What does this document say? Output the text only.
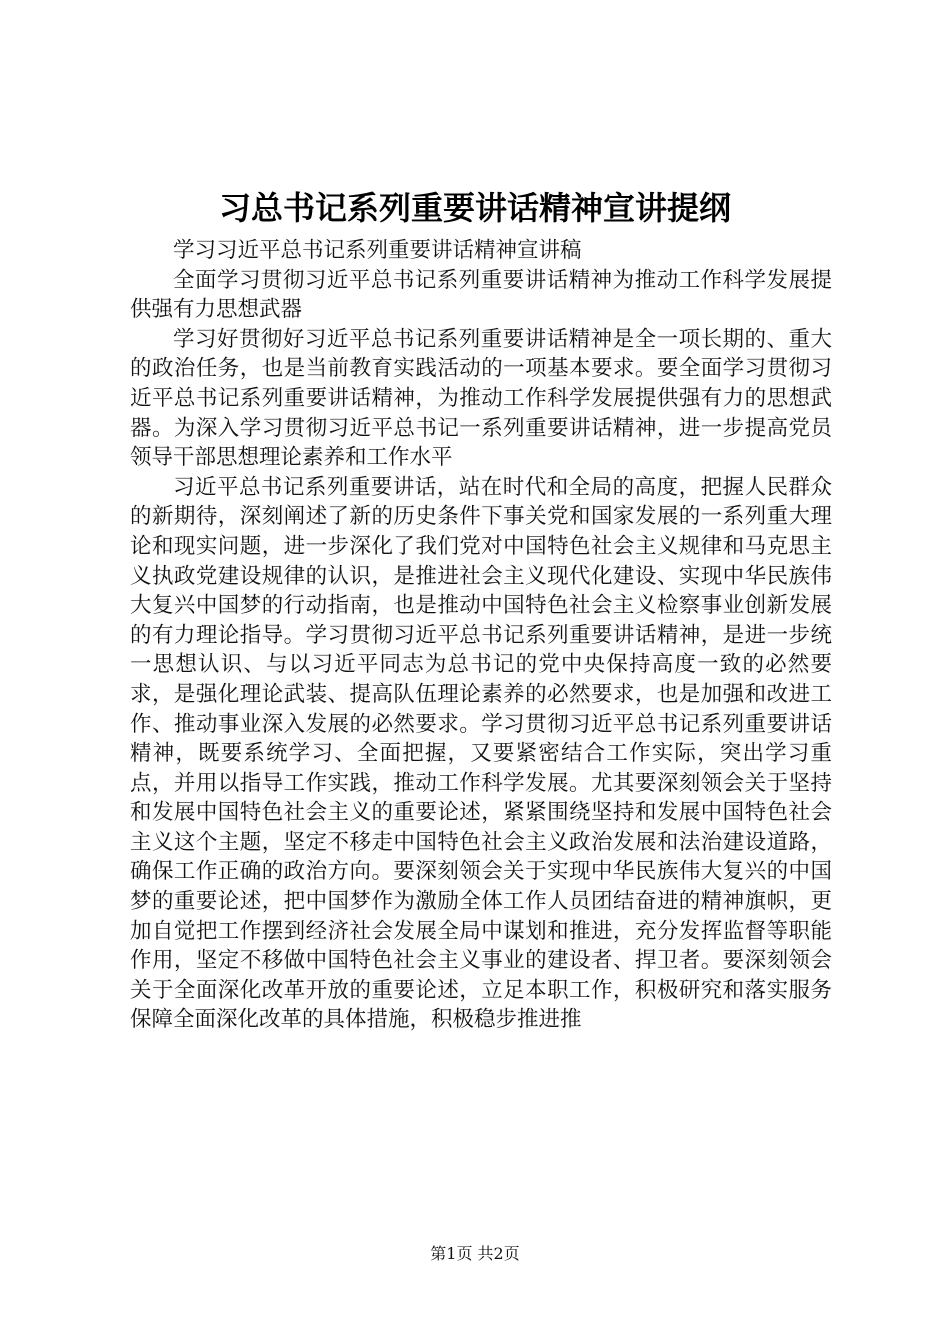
习总书记系列重要讲话精神宣讲提纲

学习习近平总书记系列重要讲话精神宣讲稿

全面学习贯彻习近平总书记系列重要讲话精神为推动工作科学发展提供强有力思想武器

学习好贯彻好习近平总书记系列重要讲话精神是全一项长期的、重大的政治任务，也是当前教育实践活动的一项基本要求。要全面学习贯彻习近平总书记系列重要讲话精神，为推动工作科学发展提供强有力的思想武器。为深入学习贯彻习近平总书记一系列重要讲话精神，进一步提高党员领导干部思想理论素养和工作水平

习近平总书记系列重要讲话，站在时代和全局的高度，把握人民群众的新期待，深刻阐述了新的历史条件下事关党和国家发展的一系列重大理论和现实问题，进一步深化了我们党对中国特色社会主义规律和马克思主义执政党建设规律的认识，是推进社会主义现代化建设、实现中华民族伟大复兴中国梦的行动指南，也是推动中国特色社会主义检察事业创新发展的有力理论指导。学习贯彻习近平总书记系列重要讲话精神，是进一步统一思想认识、与以习近平同志为总书记的党中央保持高度一致的必然要求，是强化理论武装、提高队伍理论素养的必然要求，也是加强和改进工作、推动事业深入发展的必然要求。学习贯彻习近平总书记系列重要讲话精神，既要系统学习、全面把握，又要紧密结合工作实际，突出学习重点，并用以指导工作实践，推动工作科学发展。尤其要深刻领会关于坚持和发展中国特色社会主义的重要论述，紧紧围绕坚持和发展中国特色社会主义这个主题，坚定不移走中国特色社会主义政治发展和法治建设道路，确保工作正确的政治方向。要深刻领会关于实现中华民族伟大复兴的中国梦的重要论述，把中国梦作为激励全体工作人员团结奋进的精神旗帜，更加自觉把工作摆到经济社会发展全局中谋划和推进，充分发挥监督等职能作用，坚定不移做中国特色社会主义事业的建设者、捍卫者。要深刻领会关于全面深化改革开放的重要论述，立足本职工作，积极研究和落实服务保障全面深化改革的具体措施，积极稳步推进推

第1页 共2页
